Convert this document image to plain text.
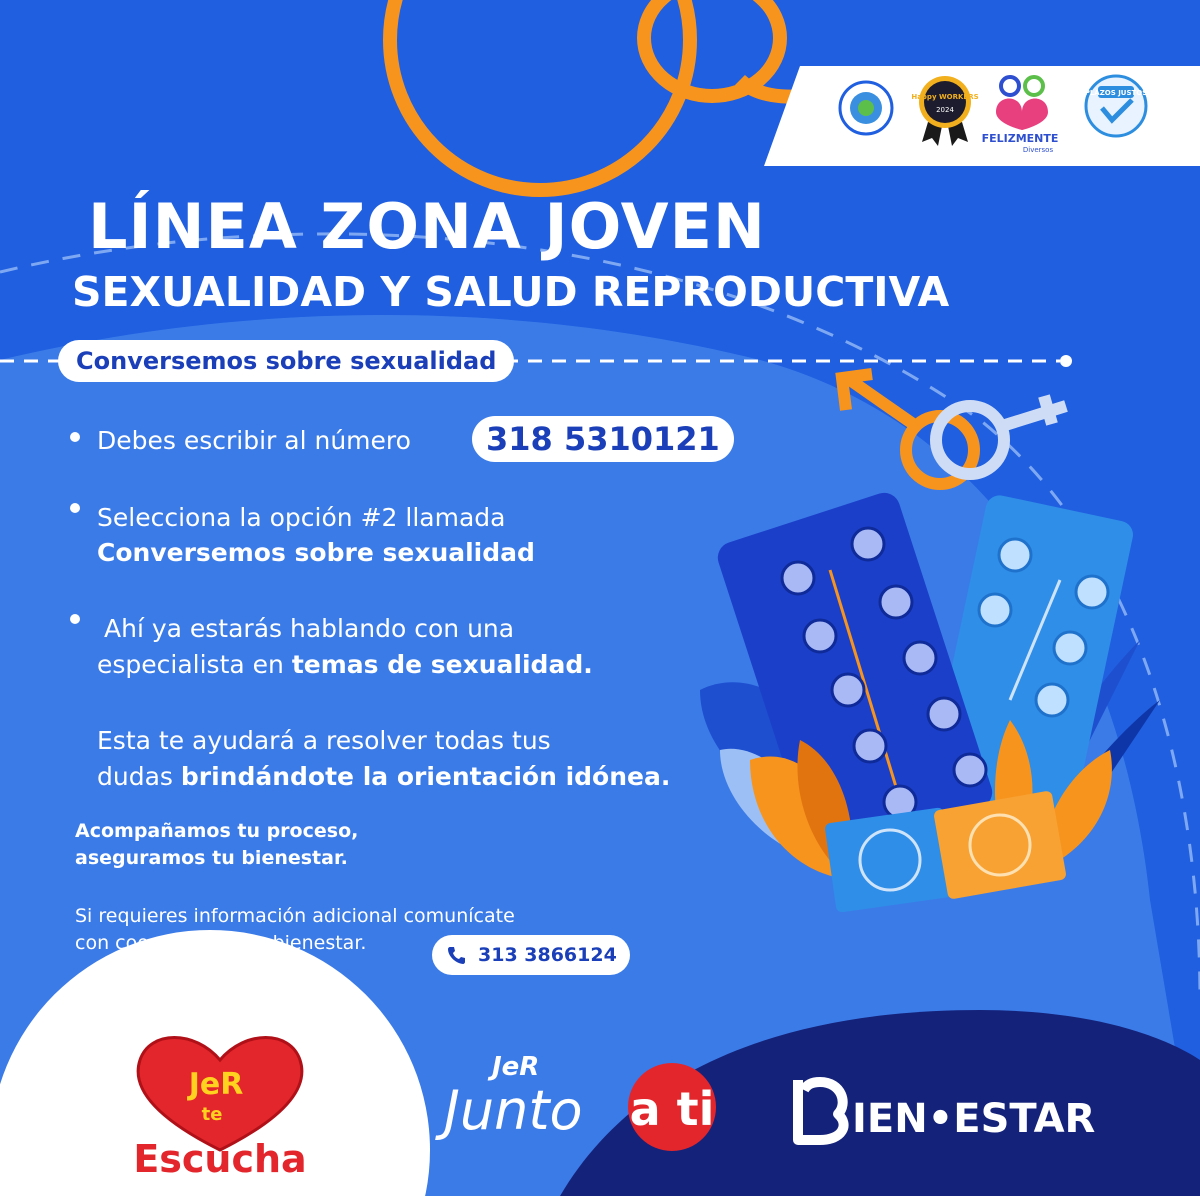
Happy WORKERS
2024
FELIZMENTE
Diversos
PLAZOS JUSTOS
LÍNEA ZONA JOVEN
SEXUALIDAD Y SALUD REPRODUCTIVA
Conversemos sobre sexualidad
Debes escribir al número	318 5310121
Selecciona la opción #2 llamada
Conversemos sobre sexualidad
Ahí ya estarás hablando con una
especialista en temas de sexualidad.
Esta te ayudará a resolver todas tus
dudas brindándote la orientación idónea.
Acompañamos tu proceso,
aseguramos tu bienestar.
Si requieres información adicional comunícate
con coordinación de bienestar.
313 3866124
JeR
te
Escucha
JeR
Junto a ti	IEN•ESTAR
